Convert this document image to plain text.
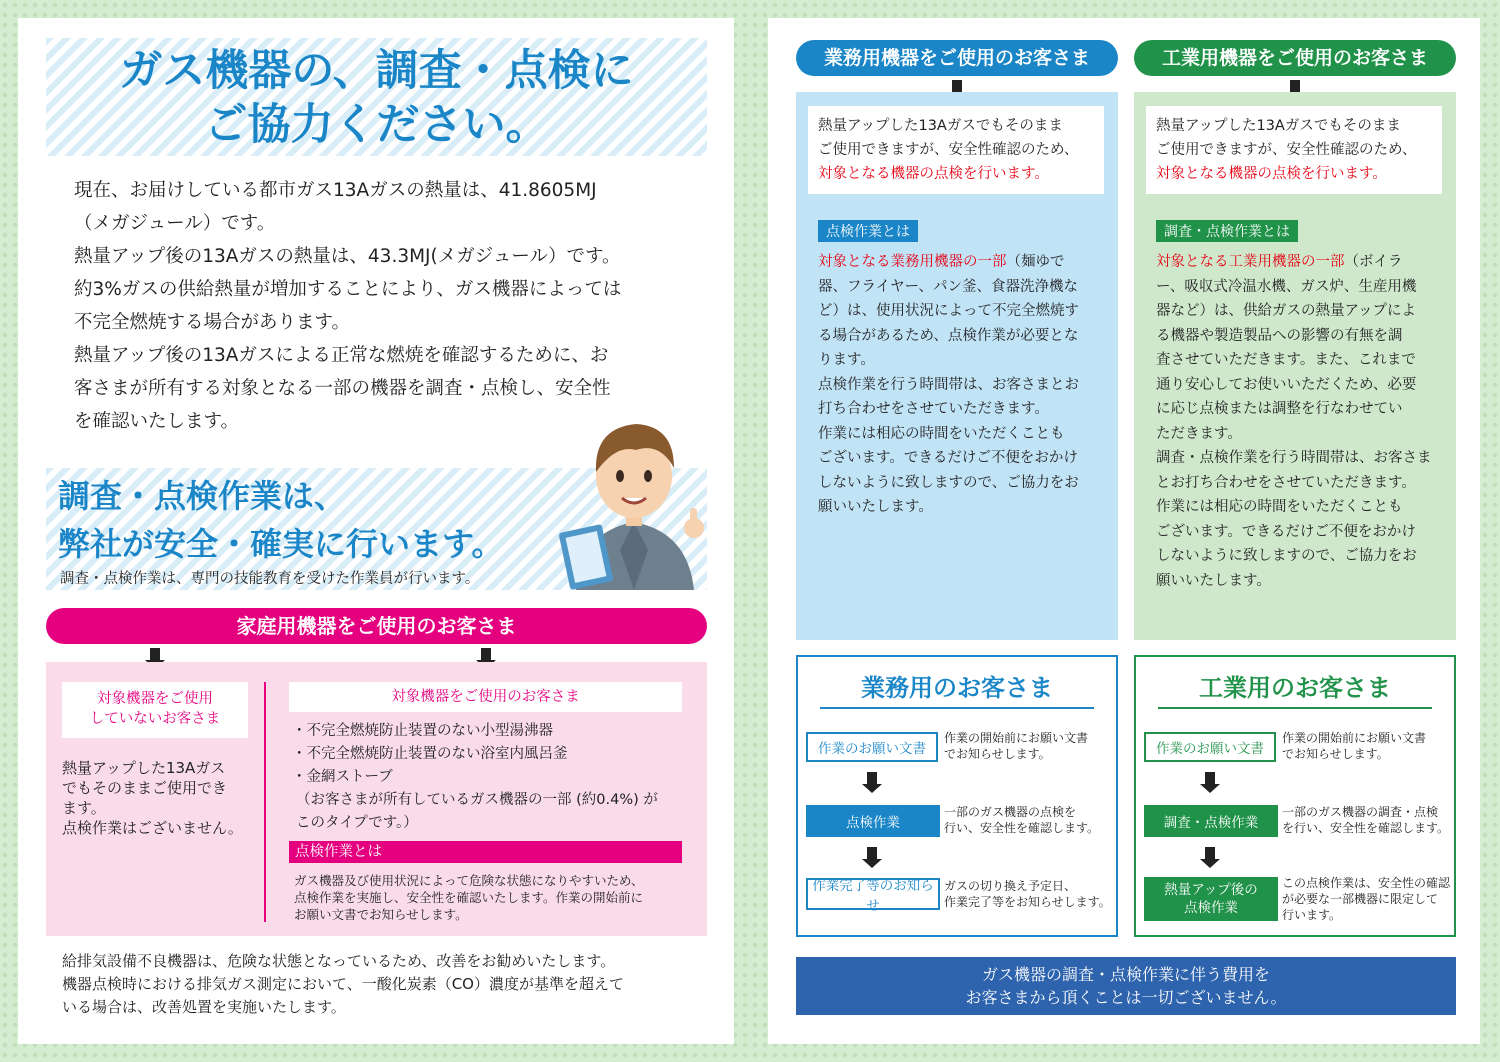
ガス機器の、調査・点検に
ご協力ください。

現在、お届けしている都市ガス13Aガスの熱量は、41.8605MJ

（メガジュール）です。

熱量アップ後の13Aガスの熱量は、43.3MJ(メガジュール）です。

約3%ガスの供給熱量が増加することにより、ガス機器によっては

不完全燃焼する場合があります。

熱量アップ後の13Aガスによる正常な燃焼を確認するために、お

客さまが所有する対象となる一部の機器を調査・点検し、安全性

を確認いたします。

調査・点検作業は、
弊社が安全・確実に行います。
調査・点検作業は、専門の技能教育を受けた作業員が行います。
家庭用機器をご使用のお客さま
対象機器をご使用
していないお客さま
熱量アップした13Aガス
でもそのままご使用でき
ます。
点検作業はございません。
対象機器をご使用のお客さま
・不完全燃焼防止装置のない小型湯沸器
・不完全燃焼防止装置のない浴室内風呂釜
・金網ストーブ
（お客さまが所有しているガス機器の一部 (約0.4%) が
このタイプです。）
点検作業とは
ガス機器及び使用状況によって危険な状態になりやすいため、
点検作業を実施し、安全性を確認いたします。作業の開始前に
お願い文書でお知らせします。
給排気設備不良機器は、危険な状態となっているため、改善をお勧めいたします。
機器点検時における排気ガス測定において、一酸化炭素（CO）濃度が基準を超えて
いる場合は、改善処置を実施いたします。
業務用機器をご使用のお客さま
熱量アップした13Aガスでもそのまま
ご使用できますが、安全性確認のため、
対象となる機器の点検を行います。
点検作業とは
対象となる業務用機器の一部（麺ゆで
器、フライヤー、パン釜、食器洗浄機な
ど）は、使用状況によって不完全燃焼す
る場合があるため、点検作業が必要とな
ります。
点検作業を行う時間帯は、お客さまとお
打ち合わせをさせていただきます。
作業には相応の時間をいただくことも
ございます。できるだけご不便をおかけ
しないように致しますので、ご協力をお
願いいたします。
工業用機器をご使用のお客さま
熱量アップした13Aガスでもそのまま
ご使用できますが、安全性確認のため、
対象となる機器の点検を行います。
調査・点検作業とは
対象となる工業用機器の一部（ボイラ
ー、吸収式冷温水機、ガス炉、生産用機
器など）は、供給ガスの熱量アップによ
る機器や製造製品への影響の有無を調
査させていただきます。また、これまで
通り安心してお使いいただくため、必要
に応じ点検または調整を行なわせてい
ただきます。
調査・点検作業を行う時間帯は、お客さま
とお打ち合わせをさせていただきます。
作業には相応の時間をいただくことも
ございます。できるだけご不便をおかけ
しないように致しますので、ご協力をお
願いいたします。
業務用のお客さま
作業のお願い文書
作業の開始前にお願い文書
でお知らせします。
点検作業
一部のガス機器の点検を
行い、安全性を確認します。
作業完了等のお知らせ
ガスの切り換え予定日、
作業完了等をお知らせします。
工業用のお客さま
作業のお願い文書
作業の開始前にお願い文書
でお知らせします。
調査・点検作業
一部のガス機器の調査・点検
を行い、安全性を確認します。
熱量アップ後の
点検作業
この点検作業は、安全性の確認
が必要な一部機器に限定して
行います。
ガス機器の調査・点検作業に伴う費用を
お客さまから頂くことは一切ございません。
